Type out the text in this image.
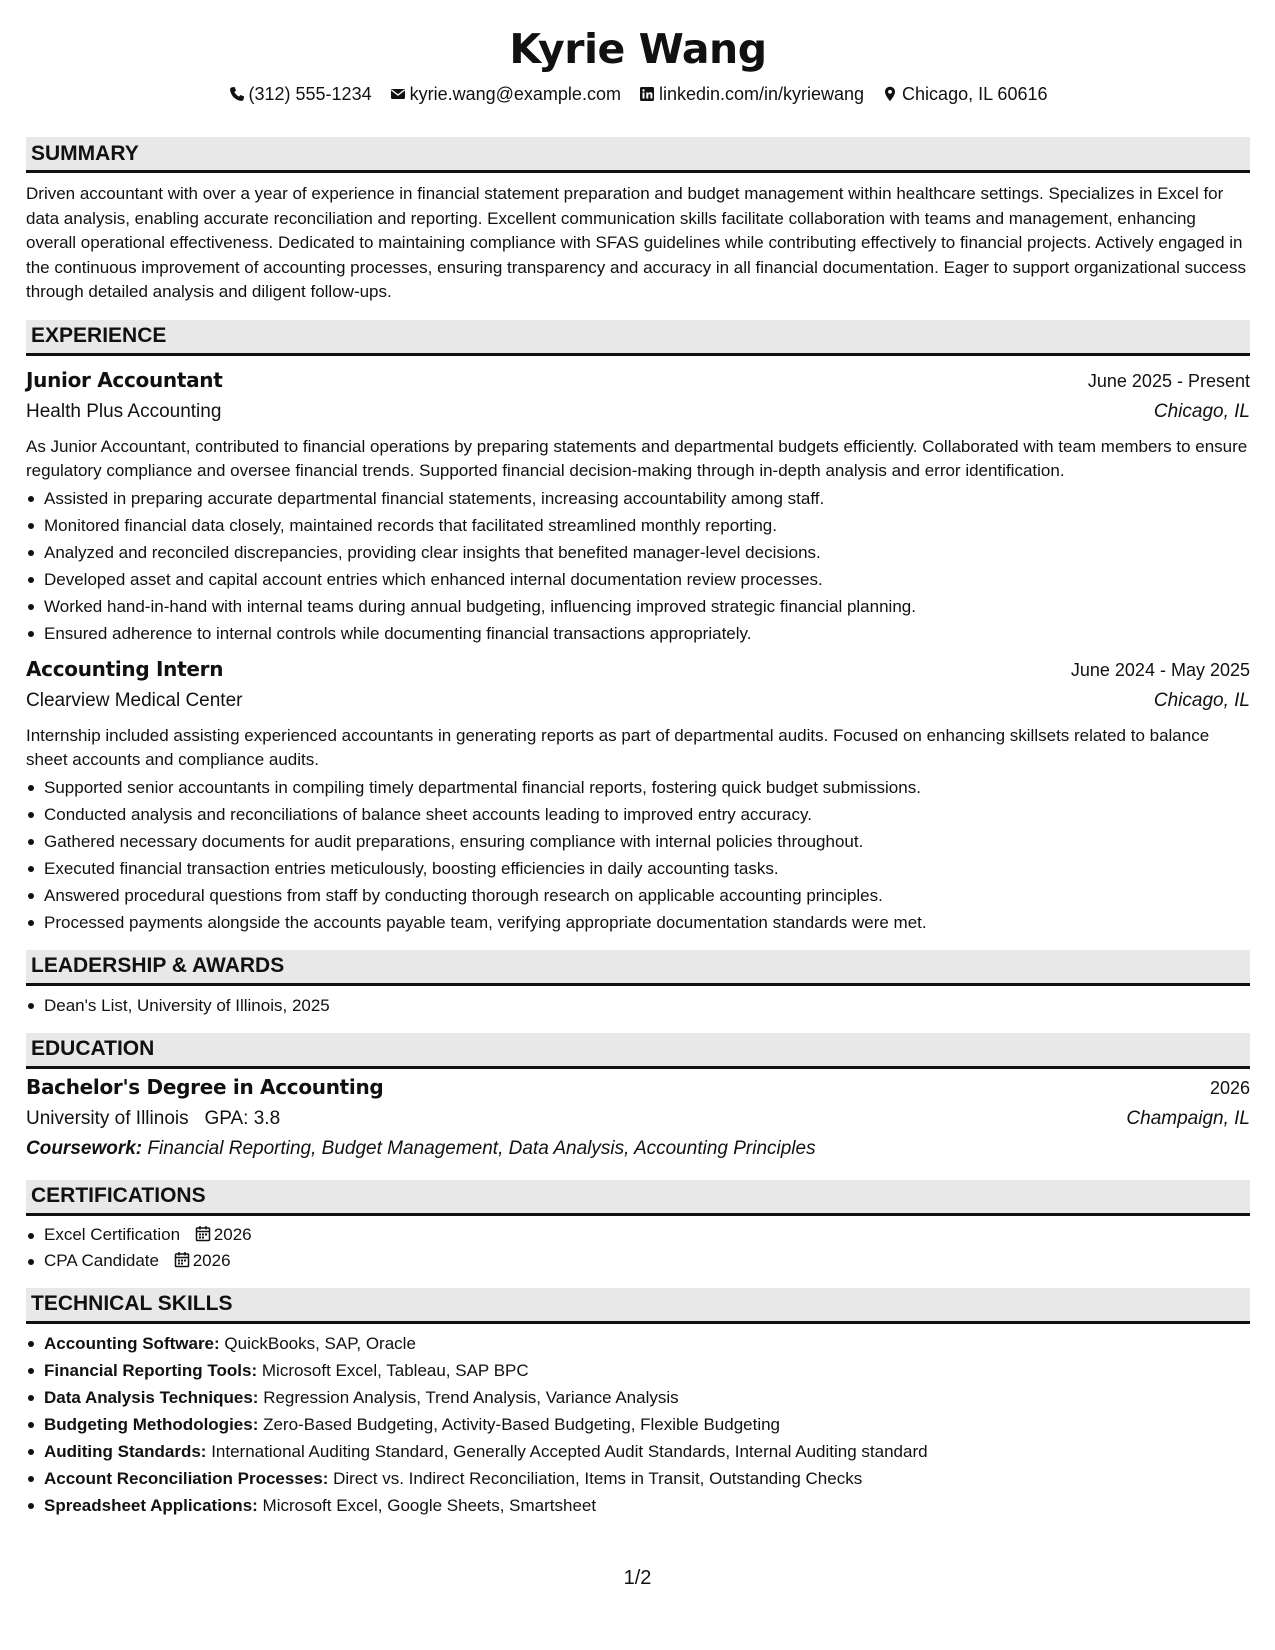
Kyrie Wang
(312) 555-1234 kyrie.wang@example.com linkedin.com/in/kyriewang Chicago, IL 60616
SUMMARY

Driven accountant with over a year of experience in financial statement preparation and budget management within healthcare settings. Specializes in Excel for data analysis, enabling accurate reconciliation and reporting. Excellent communication skills facilitate collaboration with teams and management, enhancing overall operational effectiveness. Dedicated to maintaining compliance with SFAS guidelines while contributing effectively to financial projects. Actively engaged in the continuous improvement of accounting processes, ensuring transparency and accuracy in all financial documentation. Eager to support organizational success through detailed analysis and diligent follow-ups.

EXPERIENCE
Junior Accountant	June 2025 - Present
Health Plus Accounting	Chicago, IL

As Junior Accountant, contributed to financial operations by preparing statements and departmental budgets efficiently. Collaborated with team members to ensure regulatory compliance and oversee financial trends. Supported financial decision-making through in-depth analysis and error identification.

Assisted in preparing accurate departmental financial statements, increasing accountability among staff.
Monitored financial data closely, maintained records that facilitated streamlined monthly reporting.
Analyzed and reconciled discrepancies, providing clear insights that benefited manager-level decisions.
Developed asset and capital account entries which enhanced internal documentation review processes.
Worked hand-in-hand with internal teams during annual budgeting, influencing improved strategic financial planning.
Ensured adherence to internal controls while documenting financial transactions appropriately.
Accounting Intern	June 2024 - May 2025
Clearview Medical Center	Chicago, IL

Internship included assisting experienced accountants in generating reports as part of departmental audits. Focused on enhancing skillsets related to balance sheet accounts and compliance audits.

Supported senior accountants in compiling timely departmental financial reports, fostering quick budget submissions.
Conducted analysis and reconciliations of balance sheet accounts leading to improved entry accuracy.
Gathered necessary documents for audit preparations, ensuring compliance with internal policies throughout.
Executed financial transaction entries meticulously, boosting efficiencies in daily accounting tasks.
Answered procedural questions from staff by conducting thorough research on applicable accounting principles.
Processed payments alongside the accounts payable team, verifying appropriate documentation standards were met.
LEADERSHIP & AWARDS
Dean's List, University of Illinois, 2025
EDUCATION
Bachelor's Degree in Accounting	2026
University of Illinois GPA: 3.8	Champaign, IL
Coursework: Financial Reporting, Budget Management, Data Analysis, Accounting Principles
CERTIFICATIONS
Excel Certification 2026
CPA Candidate 2026
TECHNICAL SKILLS
Accounting Software: QuickBooks, SAP, Oracle
Financial Reporting Tools: Microsoft Excel, Tableau, SAP BPC
Data Analysis Techniques: Regression Analysis, Trend Analysis, Variance Analysis
Budgeting Methodologies: Zero-Based Budgeting, Activity-Based Budgeting, Flexible Budgeting
Auditing Standards: International Auditing Standard, Generally Accepted Audit Standards, Internal Auditing standard
Account Reconciliation Processes: Direct vs. Indirect Reconciliation, Items in Transit, Outstanding Checks
Spreadsheet Applications: Microsoft Excel, Google Sheets, Smartsheet
1/2
